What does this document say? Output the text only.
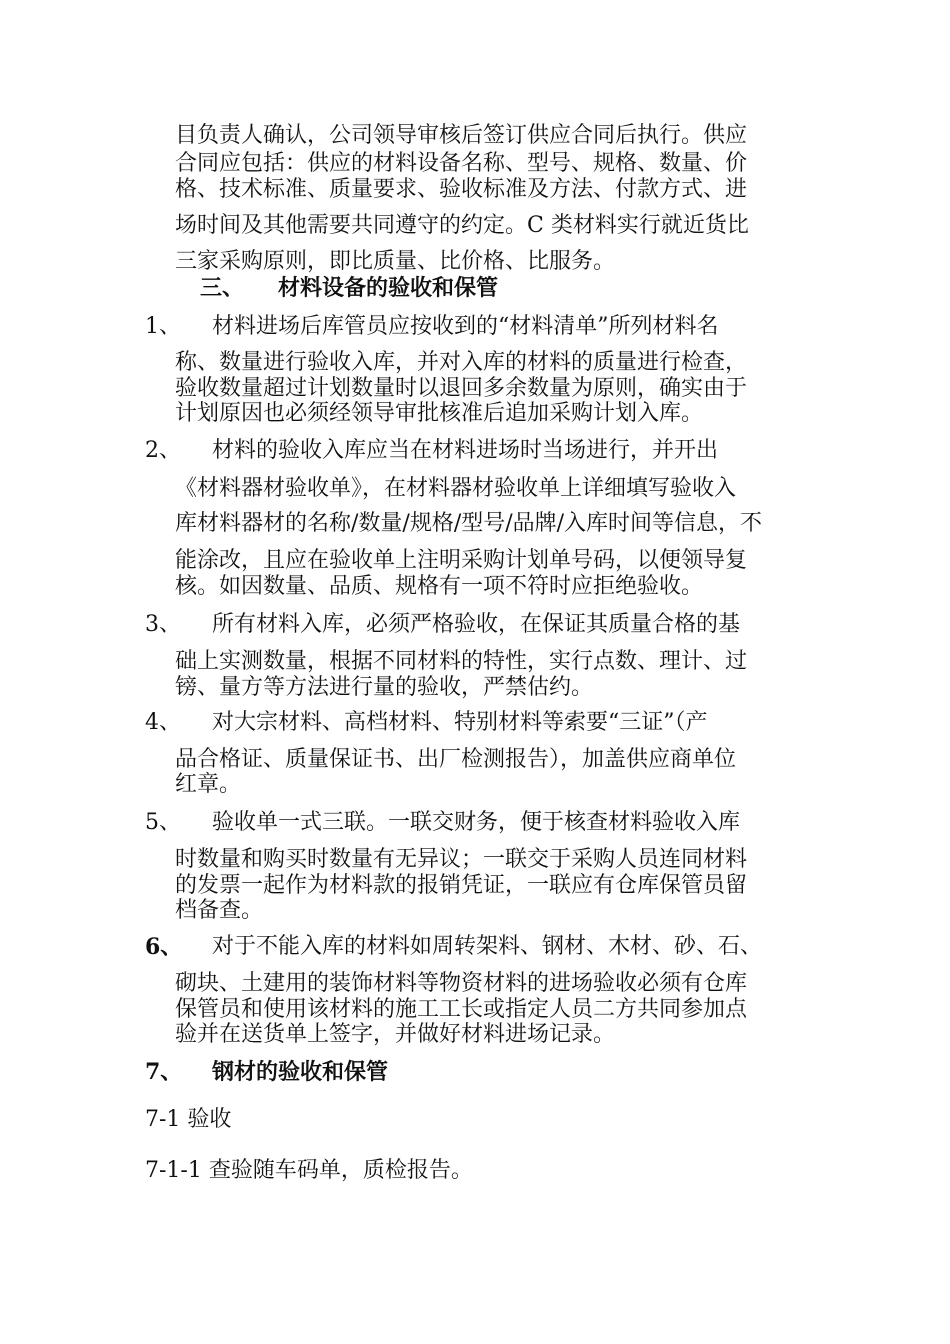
目负责人确认，公司领导审核后签订供应合同后执行。供应
合同应包括：供应的材料设备名称、型号、规格、数量、价
格、技术标准、质量要求、验收标准及方法、付款方式、进
场时间及其他需要共同遵守的约定。C 类材料实行就近货比
三家采购原则，即比质量、比价格、比服务。
三、 材料设备的验收和保管
1、 材料进场后库管员应按收到的“材料清单”所列材料名
称、数量进行验收入库，并对入库的材料的质量进行检查，
验收数量超过计划数量时以退回多余数量为原则，确实由于
计划原因也必须经领导审批核准后追加采购计划入库。
2、 材料的验收入库应当在材料进场时当场进行，并开出
《材料器材验收单》，在材料器材验收单上详细填写验收入
库材料器材的名称/数量/规格/型号/品牌/入库时间等信息，不
能涂改，且应在验收单上注明采购计划单号码，以便领导复
核。如因数量、品质、规格有一项不符时应拒绝验收。
3、 所有材料入库，必须严格验收，在保证其质量合格的基
础上实测数量，根据不同材料的特性，实行点数、理计、过
镑、量方等方法进行量的验收，严禁估约。
4、 对大宗材料、高档材料、特别材料等索要“三证”（产
品合格证、质量保证书、出厂检测报告），加盖供应商单位
红章。
5、 验收单一式三联。一联交财务，便于核查材料验收入库
时数量和购买时数量有无异议；一联交于采购人员连同材料
的发票一起作为材料款的报销凭证，一联应有仓库保管员留
档备查。
6、 对于不能入库的材料如周转架料、钢材、木材、砂、石、
砌块、土建用的装饰材料等物资材料的进场验收必须有仓库
保管员和使用该材料的施工工长或指定人员二方共同参加点
验并在送货单上签字，并做好材料进场记录。
7、 钢材的验收和保管
7-1 验收
7-1-1 查验随车码单，质检报告。
